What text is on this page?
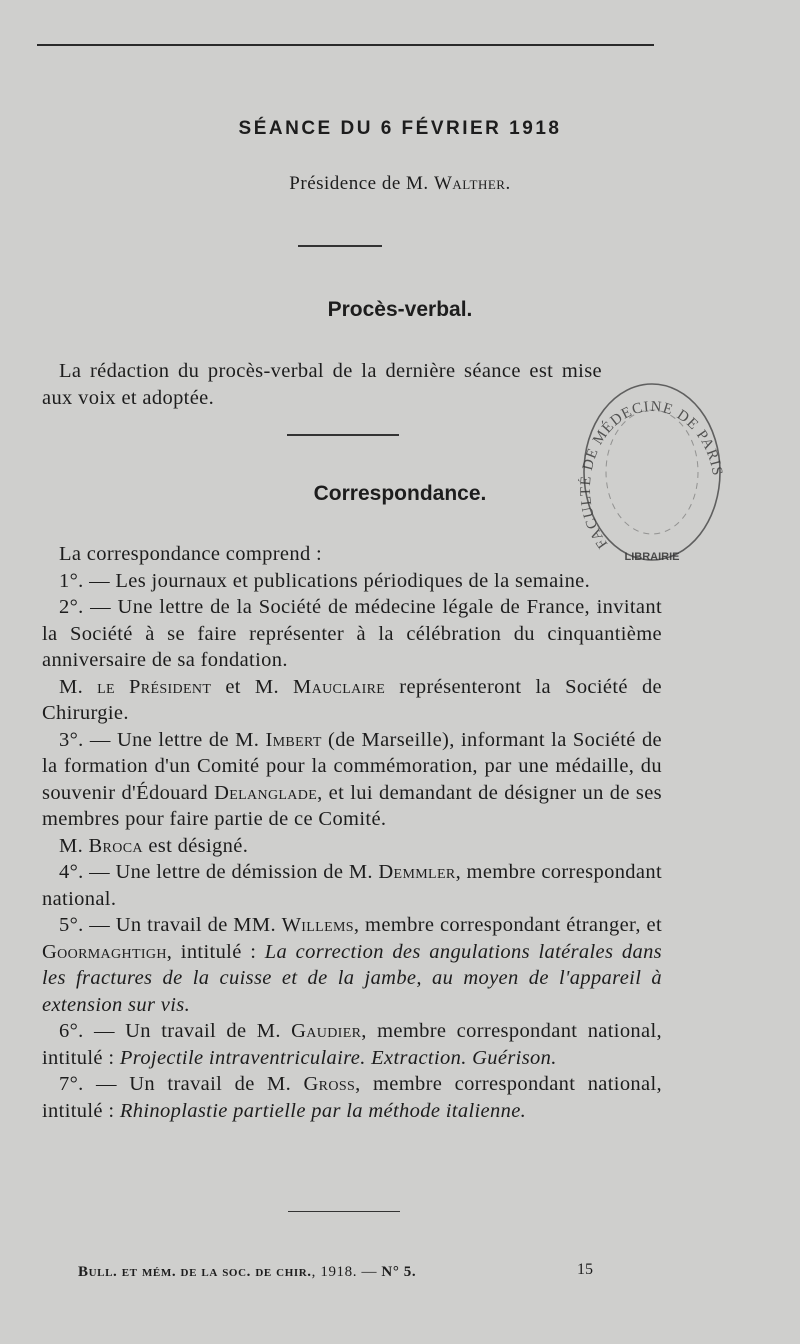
SÉANCE DU 6 FÉVRIER 1918
Présidence de M. Walther.
Procès-verbal.

La rédaction du procès-verbal de la dernière séance est mise aux voix et adoptée.

Correspondance.

La correspondance comprend :

1°. — Les journaux et publications périodiques de la semaine.

2°. — Une lettre de la Société de médecine légale de France, invitant la Société à se faire représenter à la célébration du cinquantième anniversaire de sa fondation.

M. le Président et M. Mauclaire représenteront la Société de Chirurgie.

3°. — Une lettre de M. Imbert (de Marseille), informant la Société de la formation d'un Comité pour la commémoration, par une médaille, du souvenir d'Édouard Delanglade, et lui demandant de désigner un de ses membres pour faire partie de ce Comité.

M. Broca est désigné.

4°. — Une lettre de démission de M. Demmler, membre correspondant national.

5°. — Un travail de MM. Willems, membre correspondant étranger, et Goormaghtigh, intitulé : La correction des angulations latérales dans les fractures de la cuisse et de la jambe, au moyen de l'appareil à extension sur vis.

6°. — Un travail de M. Gaudier, membre correspondant national, intitulé : Projectile intraventriculaire. Extraction. Guérison.

7°. — Un travail de M. Gross, membre correspondant national, intitulé : Rhinoplastie partielle par la méthode italienne.

FACULTÉ DE MÉDECINE DE PARIS
LIBRAIRIE
Bull. et mém. de la soc. de chir., 1918. — N° 5.	15
